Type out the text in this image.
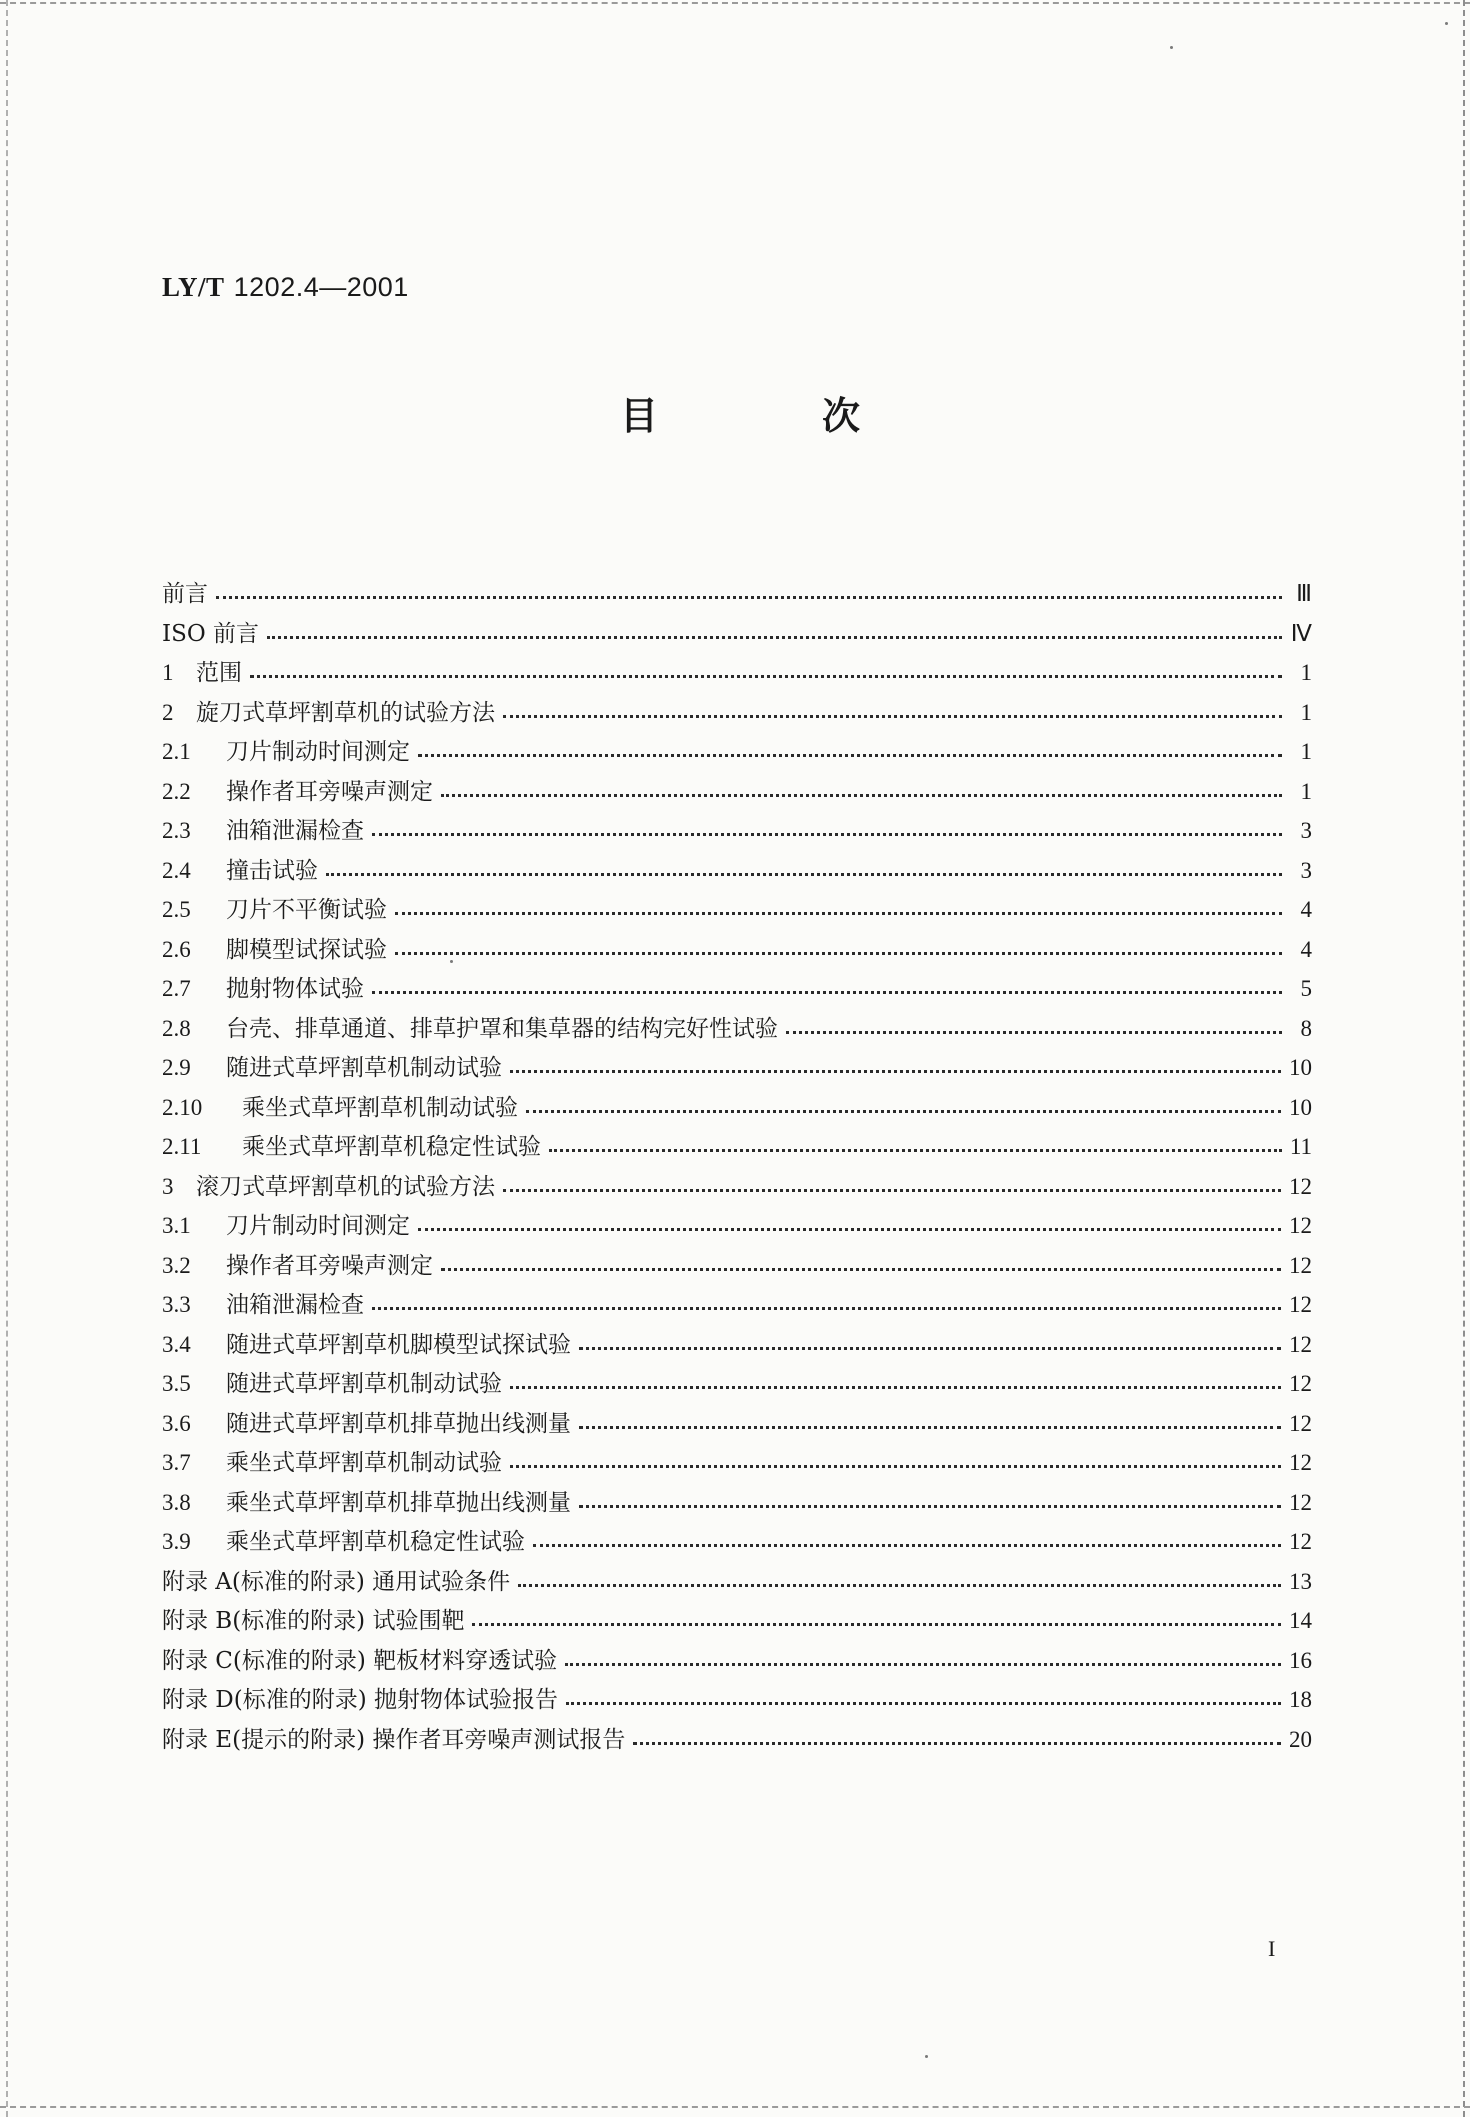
LY/T 1202.4—2001
目	次
前言	Ⅲ
ISO 前言	Ⅳ
1 范围	1
2 旋刀式草坪割草机的试验方法	1
2.1	刀片制动时间测定	1
2.2	操作者耳旁噪声测定	1
2.3	油箱泄漏检查	3
2.4	撞击试验	3
2.5	刀片不平衡试验	4
2.6	脚模型试探试验	4
2.7	抛射物体试验	5
2.8	台壳、排草通道、排草护罩和集草器的结构完好性试验	8
2.9	随进式草坪割草机制动试验	10
2.10	乘坐式草坪割草机制动试验	10
2.11	乘坐式草坪割草机稳定性试验	11
3 滚刀式草坪割草机的试验方法	12
3.1	刀片制动时间测定	12
3.2	操作者耳旁噪声测定	12
3.3	油箱泄漏检查	12
3.4	随进式草坪割草机脚模型试探试验	12
3.5	随进式草坪割草机制动试验	12
3.6	随进式草坪割草机排草抛出线测量	12
3.7	乘坐式草坪割草机制动试验	12
3.8	乘坐式草坪割草机排草抛出线测量	12
3.9	乘坐式草坪割草机稳定性试验	12
附录 A(标准的附录) 通用试验条件	13
附录 B(标准的附录) 试验围靶	14
附录 C(标准的附录) 靶板材料穿透试验	16
附录 D(标准的附录) 抛射物体试验报告	18
附录 E(提示的附录) 操作者耳旁噪声测试报告	20
I
